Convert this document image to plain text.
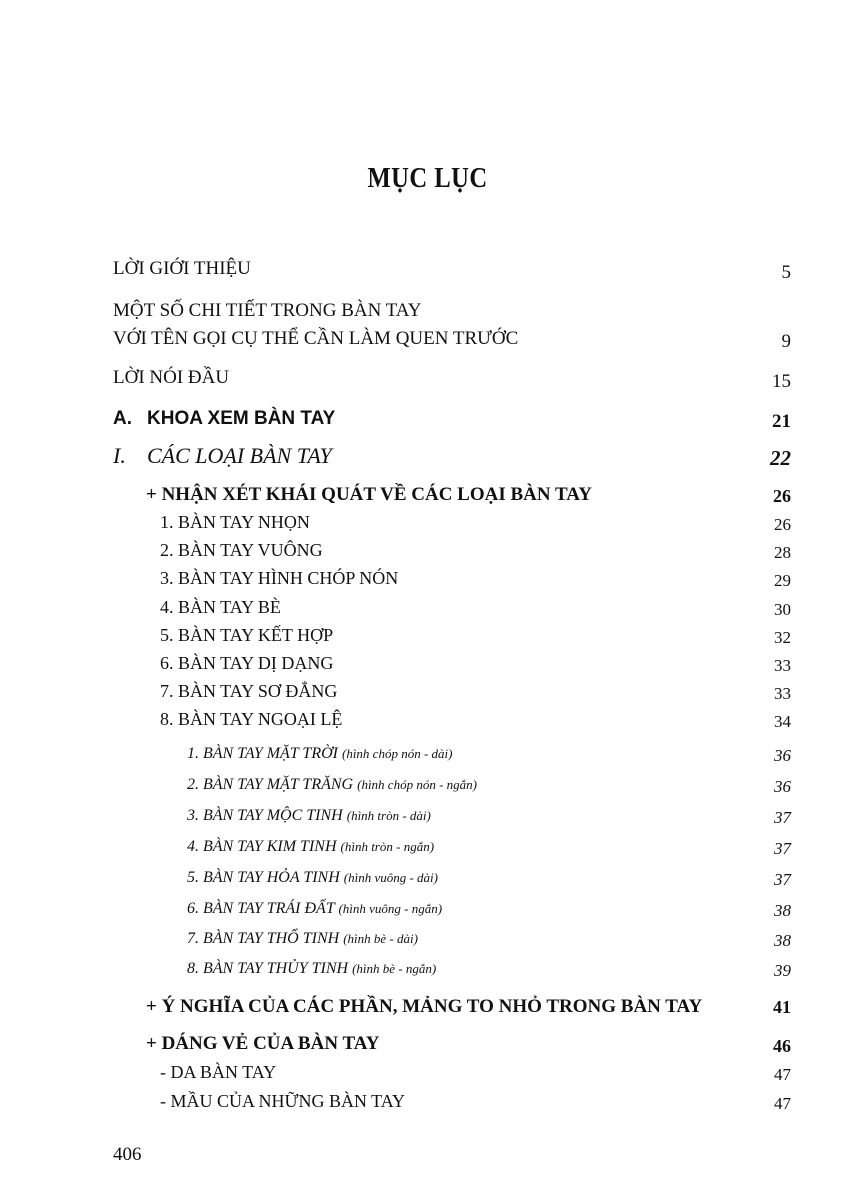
MỤC LỤC
LỜI GIỚI THIỆU	5
MỘT SỐ CHI TIẾT TRONG BÀN TAY
VỚI TÊN GỌI CỤ THỂ CẦN LÀM QUEN TRƯỚC	9
LỜI NÓI ĐẦU	15
A. KHOA XEM BÀN TAY	21
I. CÁC LOẠI BÀN TAY	22
+ NHẬN XÉT KHÁI QUÁT VỀ CÁC LOẠI BÀN TAY	26
1. BÀN TAY NHỌN	26
2. BÀN TAY VUÔNG	28
3. BÀN TAY HÌNH CHÓP NÓN	29
4. BÀN TAY BÈ	30
5. BÀN TAY KẾT HỢP	32
6. BÀN TAY DỊ DẠNG	33
7. BÀN TAY SƠ ĐẲNG	33
8. BÀN TAY NGOẠI LỆ	34
1. BÀN TAY MẶT TRỜI (hình chóp nón - dài)	36
2. BÀN TAY MẶT TRĂNG (hình chóp nón - ngắn)	36
3. BÀN TAY MỘC TINH (hình tròn - dài)	37
4. BÀN TAY KIM TINH (hình tròn - ngắn)	37
5. BÀN TAY HỎA TINH (hình vuông - dài)	37
6. BÀN TAY TRÁI ĐẤT (hình vuông - ngắn)	38
7. BÀN TAY THỔ TINH (hình bè - dài)	38
8. BÀN TAY THỦY TINH (hình bè - ngắn)	39
+ Ý NGHĨA CỦA CÁC PHẦN, MẢNG TO NHỎ TRONG BÀN TAY	41
+ DÁNG VẺ CỦA BÀN TAY	46
- DA BÀN TAY	47
- MẦU CỦA NHỮNG BÀN TAY	47
406
